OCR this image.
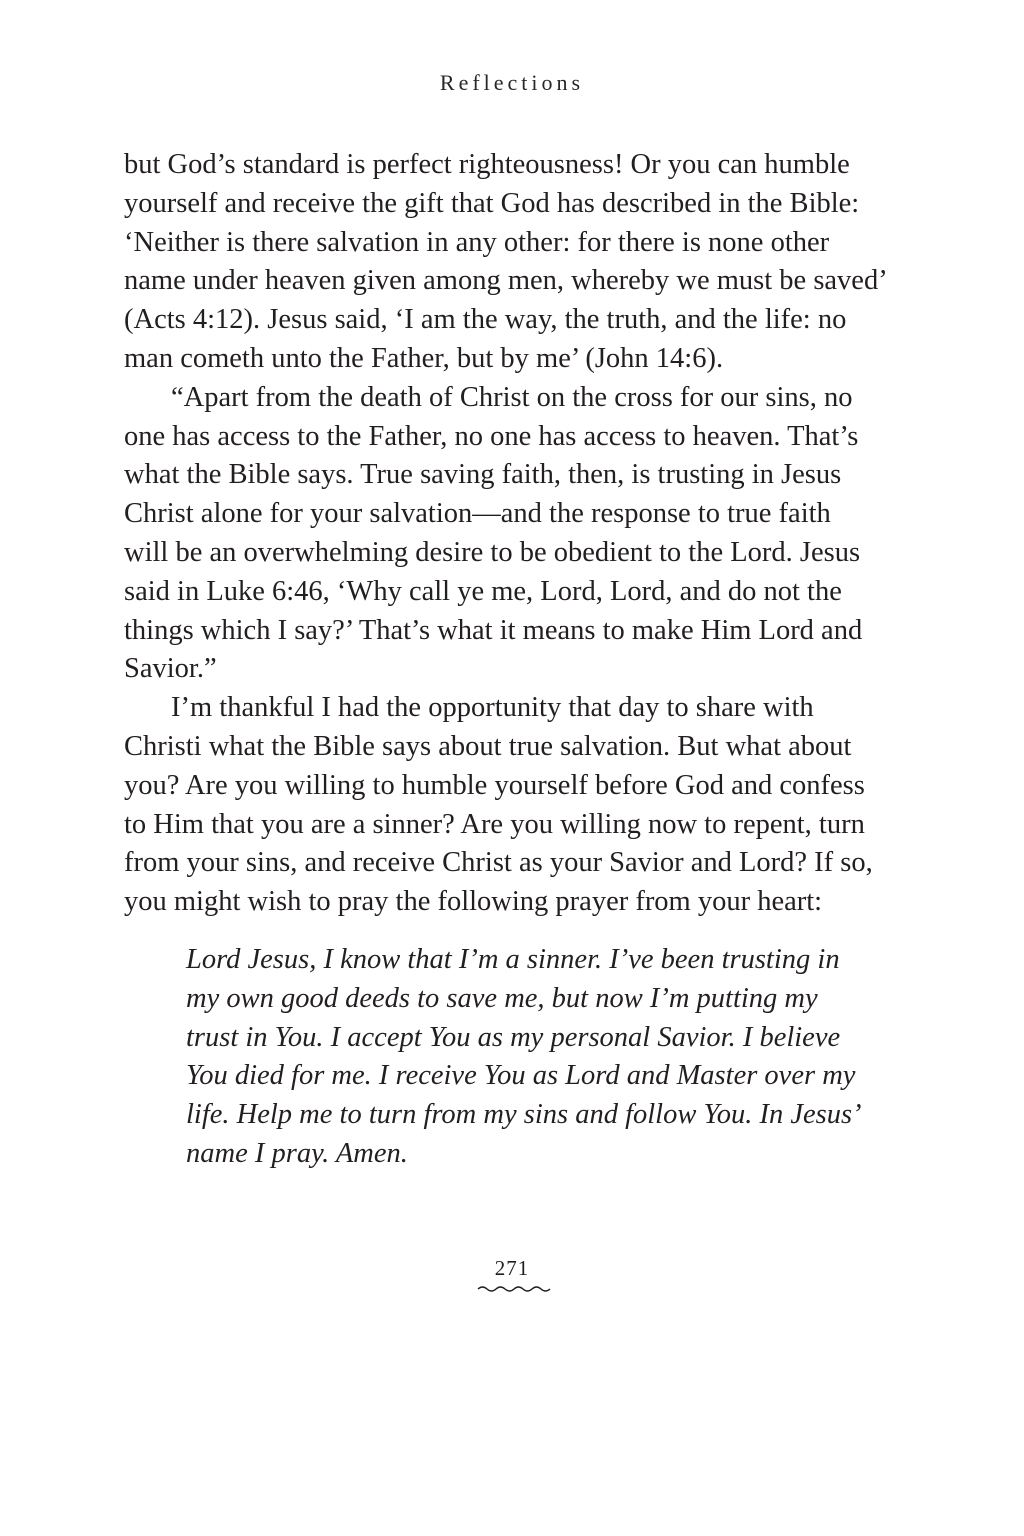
Reflections

but God’s standard is perfect righteousness! Or you can humble
yourself and receive the gift that God has described in the Bible:
‘Neither is there salvation in any other: for there is none other
name under heaven given among men, whereby we must be saved’
(Acts 4:12). Jesus said, ‘I am the way, the truth, and the life: no
man cometh unto the Father, but by me’ (John 14:6).

“Apart from the death of Christ on the cross for our sins, no
one has access to the Father, no one has access to heaven. That’s
what the Bible says. True saving faith, then, is trusting in Jesus
Christ alone for your salvation—and the response to true faith
will be an overwhelming desire to be obedient to the Lord. Jesus
said in Luke 6:46, ‘Why call ye me, Lord, Lord, and do not the
things which I say?’ That’s what it means to make Him Lord and
Savior.”

I’m thankful I had the opportunity that day to share with
Christi what the Bible says about true salvation. But what about
you? Are you willing to humble yourself before God and confess
to Him that you are a sinner? Are you willing now to repent, turn
from your sins, and receive Christ as your Savior and Lord? If so,
you might wish to pray the following prayer from your heart:

Lord Jesus, I know that I’m a sinner. I’ve been trusting in
my own good deeds to save me, but now I’m putting my
trust in You. I accept You as my personal Savior. I believe
You died for me. I receive You as Lord and Master over my
life. Help me to turn from my sins and follow You. In Jesus’
name I pray. Amen.

271
